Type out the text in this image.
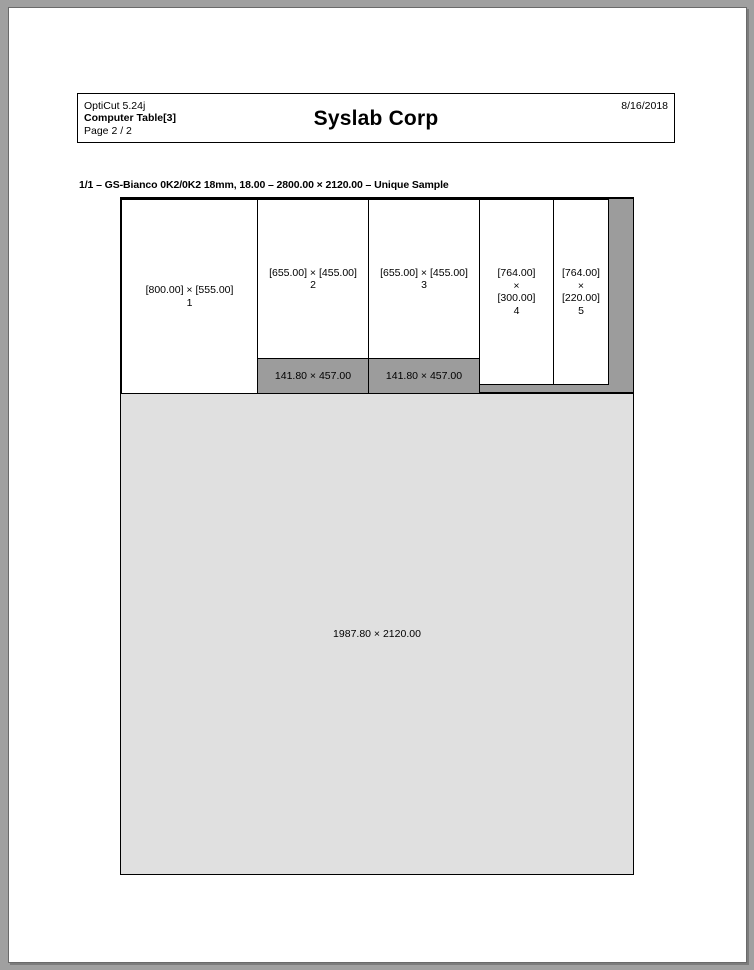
OptiCut 5.24j
Computer Table[3]
Page 2 / 2
Syslab Corp
8/16/2018
1/1 – GS-Bianco 0K2/0K2 18mm, 18.00 – 2800.00 × 2120.00 – Unique Sample
[800.00] × [555.00]
1
[655.00] × [455.00]
2
141.80 × 457.00
[655.00] × [455.00]
3
141.80 × 457.00
[764.00]
×
[300.00]
4
[764.00]
×
[220.00]
5
1987.80 × 2120.00
